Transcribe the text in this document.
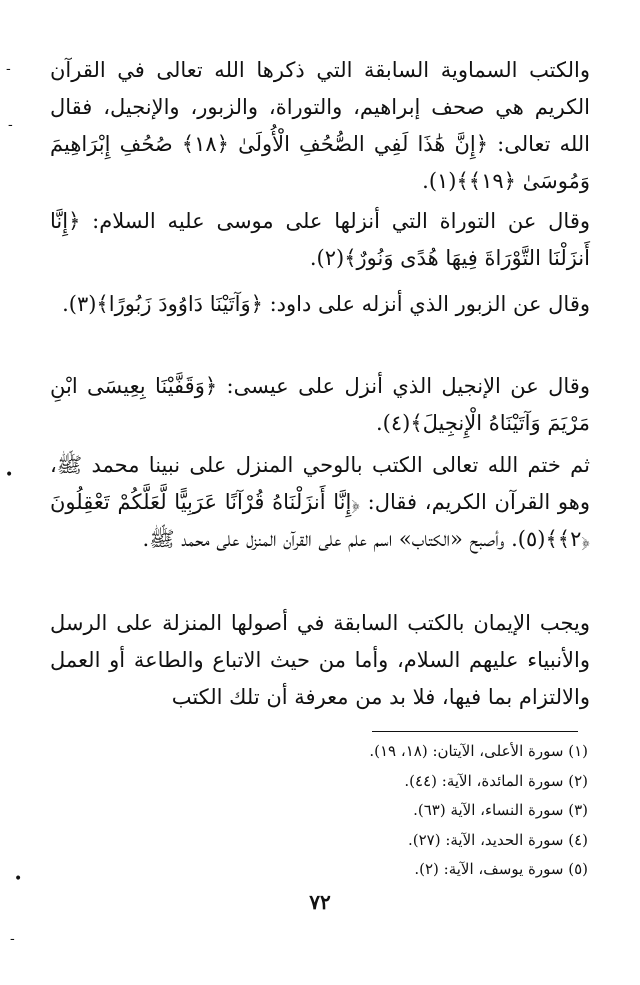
-
-
•
•
-

والكتب السماوية السابقة التي ذكرها الله تعالى في القرآن الكريم هي صحف إبراهيم، والتوراة، والزبور، والإنجيل، فقال الله تعالى: ﴿إِنَّ هَٰذَا لَفِي الصُّحُفِ الْأُولَىٰ ﴿١٨﴾ صُحُفِ إِبْرَاهِيمَ وَمُوسَىٰ ﴿١٩﴾﴾(١).

وقال عن التوراة التي أنزلها على موسى عليه السلام: ﴿إِنَّا أَنزَلْنَا التَّوْرَاةَ فِيهَا هُدًى وَنُورٌ﴾(٢).

وقال عن الزبور الذي أنزله على داود: ﴿وَآتَيْنَا دَاوُودَ زَبُورًا﴾(٣).

وقال عن الإنجيل الذي أنزل على عيسى: ﴿وَقَفَّيْنَا بِعِيسَى ابْنِ مَرْيَمَ وَآتَيْنَاهُ الْإِنجِيلَ﴾(٤).

ثم ختم الله تعالى الكتب بالوحي المنزل على نبينا محمد ﷺ، وهو القرآن الكريم، فقال: ﴿إِنَّا أَنزَلْنَاهُ قُرْآنًا عَرَبِيًّا لَّعَلَّكُمْ تَعْقِلُونَ ﴿٢﴾﴾(٥). وأصبح «الكتاب» اسم علم على القرآن المنزل على محمد ﷺ.

ويجب الإيمان بالكتب السابقة في أصولها المنزلة على الرسل والأنبياء عليهم السلام، وأما من حيث الاتباع والطاعة أو العمل والالتزام بما فيها، فلا بد من معرفة أن تلك الكتب

(١) سورة الأعلى، الآيتان: (١٨، ١٩).
(٢) سورة المائدة، الآية: (٤٤).
(٣) سورة النساء، الآية (٦٣).
(٤) سورة الحديد، الآية: (٢٧).
(٥) سورة يوسف، الآية: (٢).
٧٢
